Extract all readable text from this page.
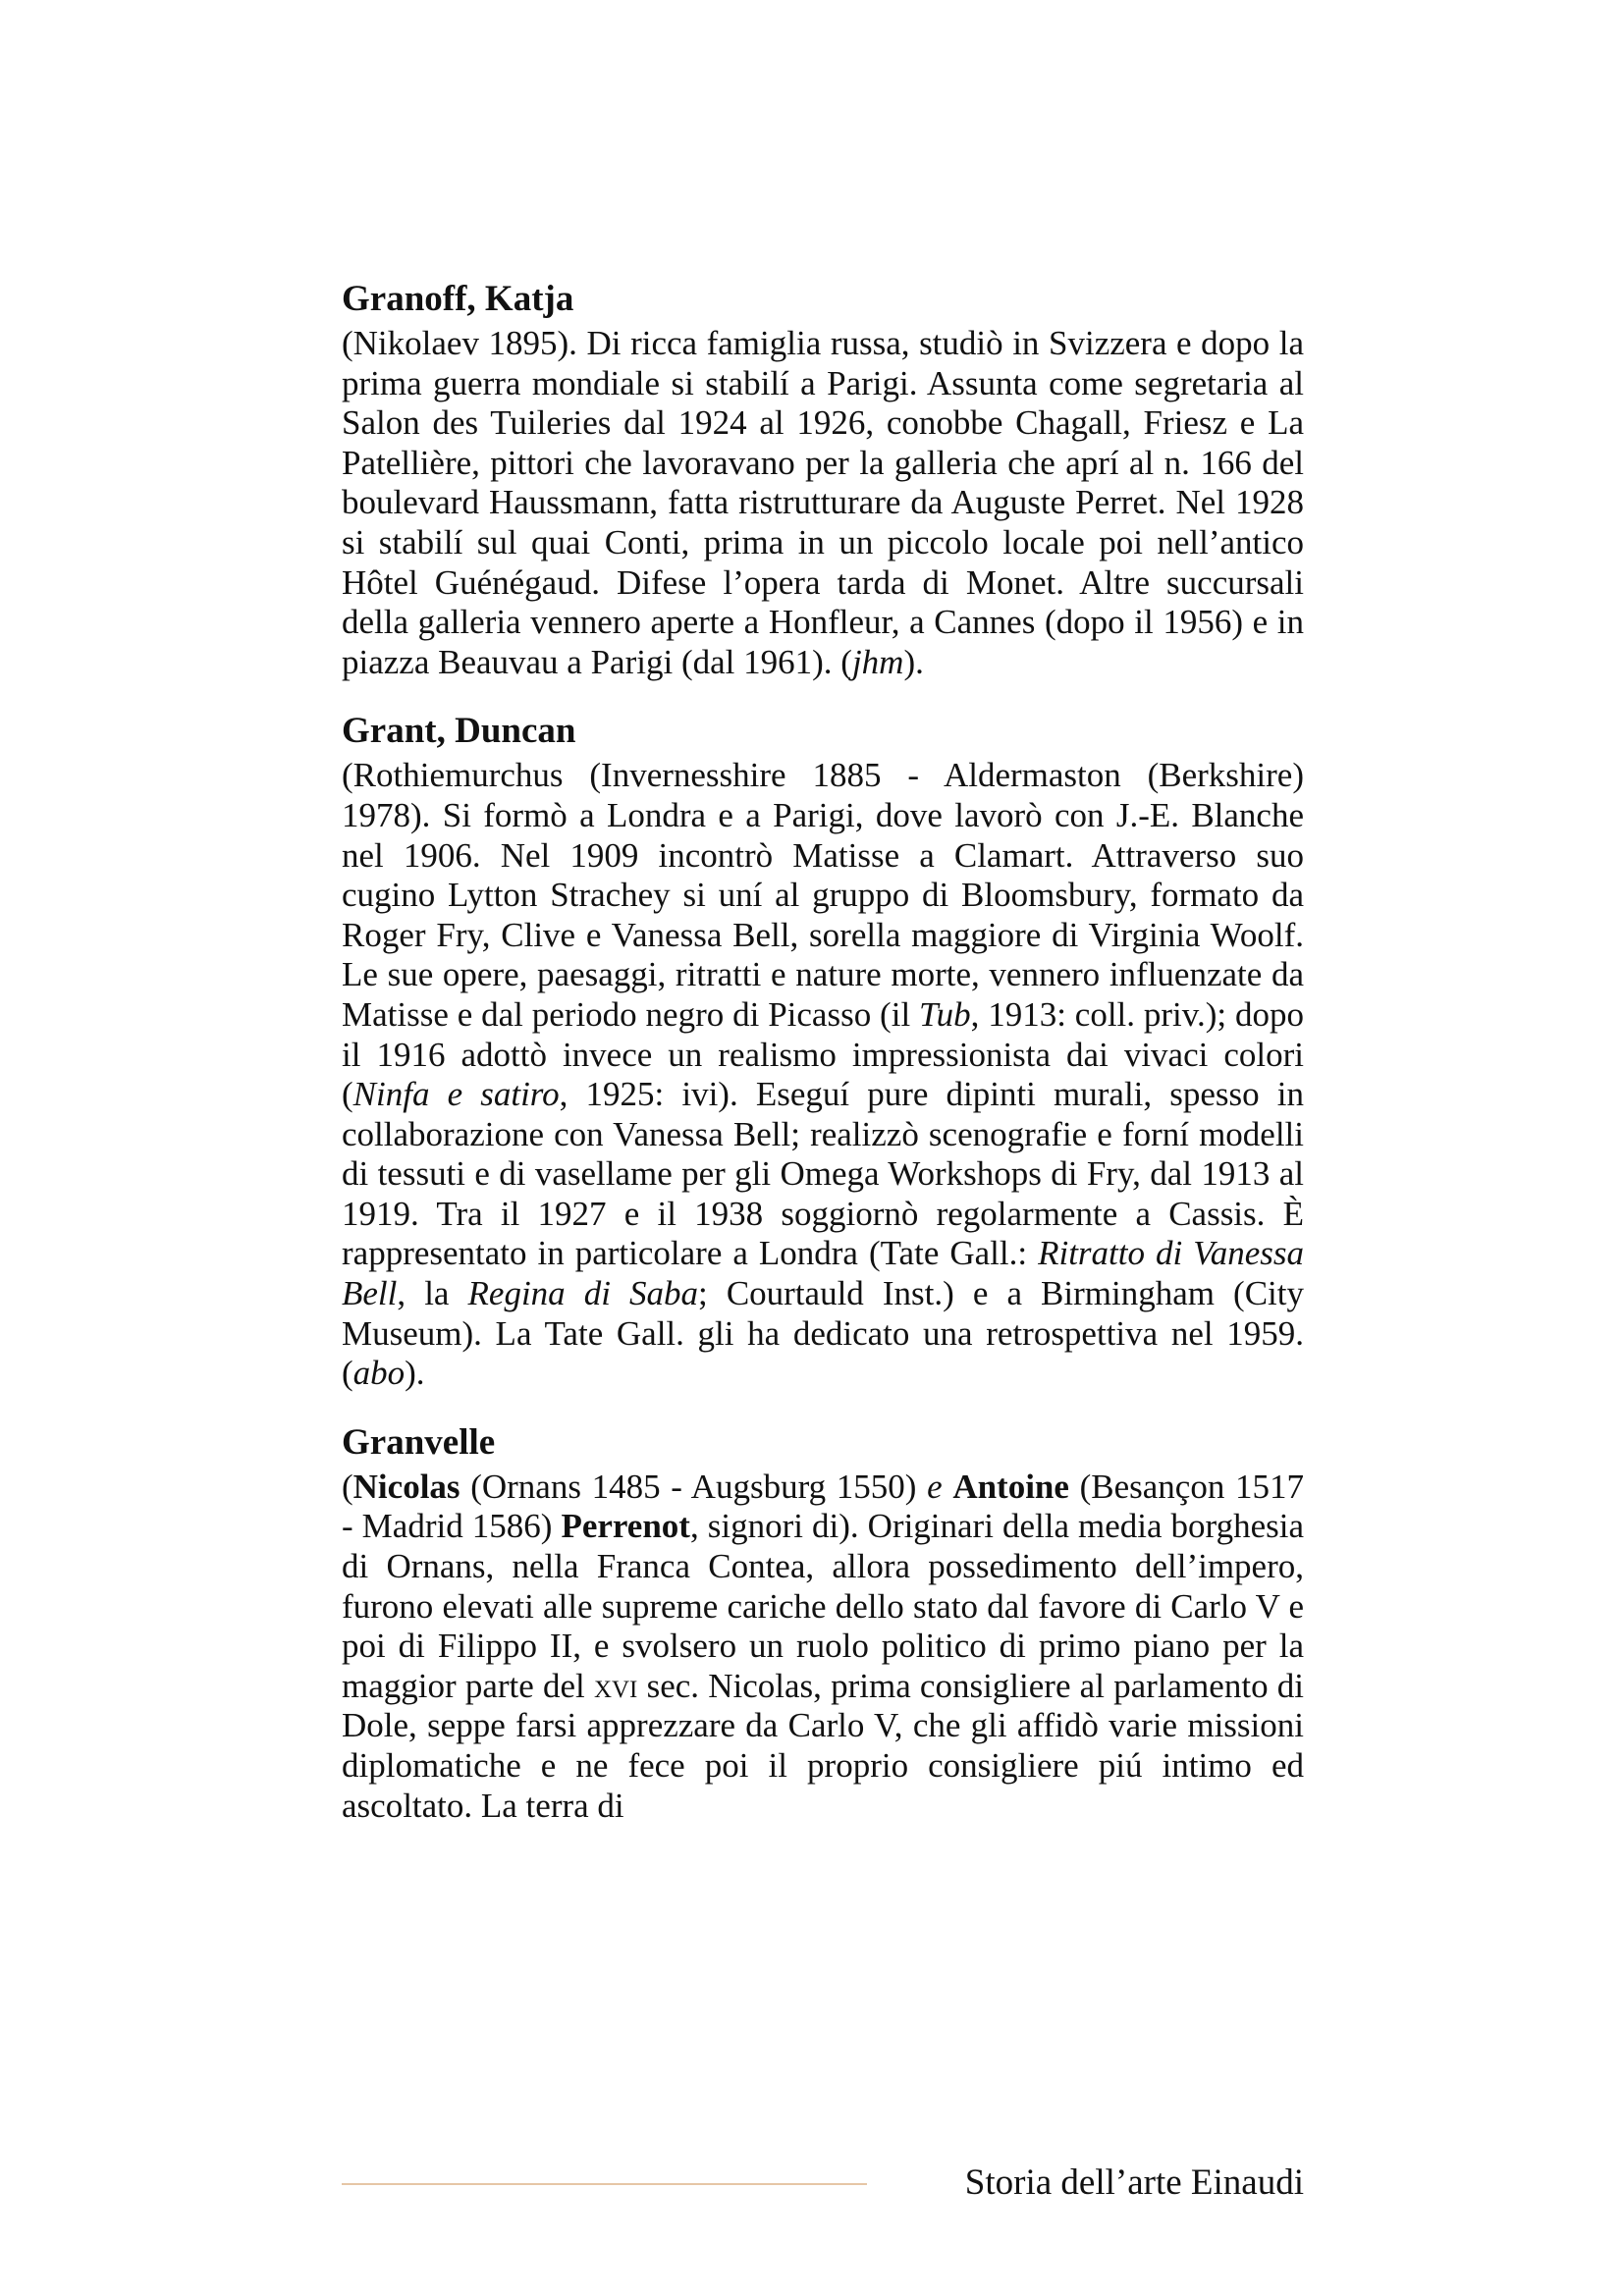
Granoff, Katja

(Nikolaev 1895). Di ricca famiglia russa, studiò in Svizzera e dopo la prima guerra mondiale si stabilí a Parigi. Assunta come segretaria al Salon des Tuileries dal 1924 al 1926, conobbe Chagall, Friesz e La Patellière, pittori che lavoravano per la galleria che aprí al n. 166 del boulevard Haussmann, fatta ristrutturare da Auguste Perret. Nel 1928 si stabilí sul quai Conti, prima in un piccolo locale poi nell’antico Hôtel Guénégaud. Difese l’opera tarda di Monet. Altre succursali della galleria vennero aperte a Honfleur, a Cannes (dopo il 1956) e in piazza Beauvau a Parigi (dal 1961). (jhm).

Grant, Duncan

(Rothiemurchus (Invernesshire 1885 - Aldermaston (Berkshire) 1978). Si formò a Londra e a Parigi, dove lavorò con J.-E. Blanche nel 1906. Nel 1909 incontrò Matisse a Clamart. Attraverso suo cugino Lytton Strachey si uní al gruppo di Bloomsbury, formato da Roger Fry, Clive e Vanessa Bell, sorella maggiore di Virginia Woolf. Le sue opere, paesaggi, ritratti e nature morte, vennero influenzate da Matisse e dal periodo negro di Picasso (il Tub, 1913: coll. priv.); dopo il 1916 adottò invece un realismo impressionista dai vivaci colori (Ninfa e satiro, 1925: ivi). Eseguí pure dipinti murali, spesso in collaborazione con Vanessa Bell; realizzò scenografie e forní modelli di tessuti e di vasellame per gli Omega Workshops di Fry, dal 1913 al 1919. Tra il 1927 e il 1938 soggiornò regolarmente a Cassis. È rappresentato in particolare a Londra (Tate Gall.: Ritratto di Vanessa Bell, la Regina di Saba; Courtauld Inst.) e a Birmingham (City Museum). La Tate Gall. gli ha dedicato una retrospettiva nel 1959. (abo).

Granvelle

(Nicolas (Ornans 1485 - Augsburg 1550) e Antoine (Besançon 1517 - Madrid 1586) Perrenot, signori di). Originari della media borghesia di Ornans, nella Franca Contea, allora possedimento dell’impero, furono elevati alle supreme cariche dello stato dal favore di Carlo V e poi di Filippo II, e svolsero un ruolo politico di primo piano per la maggior parte del xvi sec. Nicolas, prima consigliere al parlamento di Dole, seppe farsi apprezzare da Carlo V, che gli affidò varie missioni diplomatiche e ne fece poi il proprio consigliere piú intimo ed ascoltato. La terra di

Storia dell’arte Einaudi
